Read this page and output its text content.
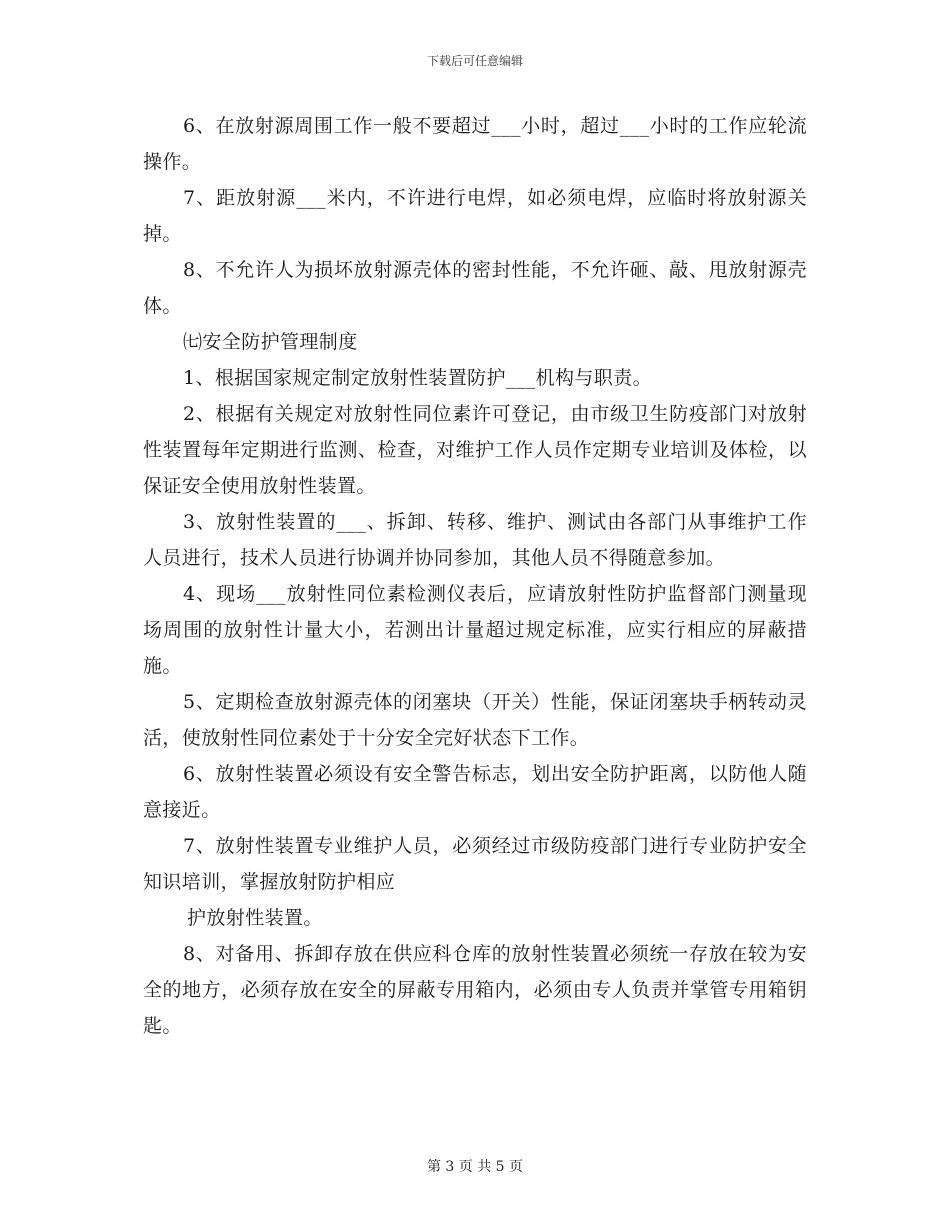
下载后可任意编辑

6、在放射源周围工作一般不要超过___小时，超过___小时的工作应轮流操作。

7、距放射源___米内，不许进行电焊，如必须电焊，应临时将放射源关掉。

8、不允许人为损坏放射源壳体的密封性能，不允许砸、敲、甩放射源壳体。

㈦安全防护管理制度

1、根据国家规定制定放射性装置防护___机构与职责。

2、根据有关规定对放射性同位素许可登记，由市级卫生防疫部门对放射性装置每年定期进行监测、检查，对维护工作人员作定期专业培训及体检，以保证安全使用放射性装置。

3、放射性装置的___、拆卸、转移、维护、测试由各部门从事维护工作人员进行，技术人员进行协调并协同参加，其他人员不得随意参加。

4、现场___放射性同位素检测仪表后，应请放射性防护监督部门测量现场周围的放射性计量大小，若测出计量超过规定标准，应实行相应的屏蔽措施。

5、定期检查放射源壳体的闭塞块（开关）性能，保证闭塞块手柄转动灵活，使放射性同位素处于十分安全完好状态下工作。

6、放射性装置必须设有安全警告标志，划出安全防护距离，以防他人随意接近。

7、放射性装置专业维护人员，必须经过市级防疫部门进行专业防护安全知识培训，掌握放射防护相应

护放射性装置。

8、对备用、拆卸存放在供应科仓库的放射性装置必须统一存放在较为安全的地方，必须存放在安全的屏蔽专用箱内，必须由专人负责并掌管专用箱钥匙。

第 3 页 共 5 页
